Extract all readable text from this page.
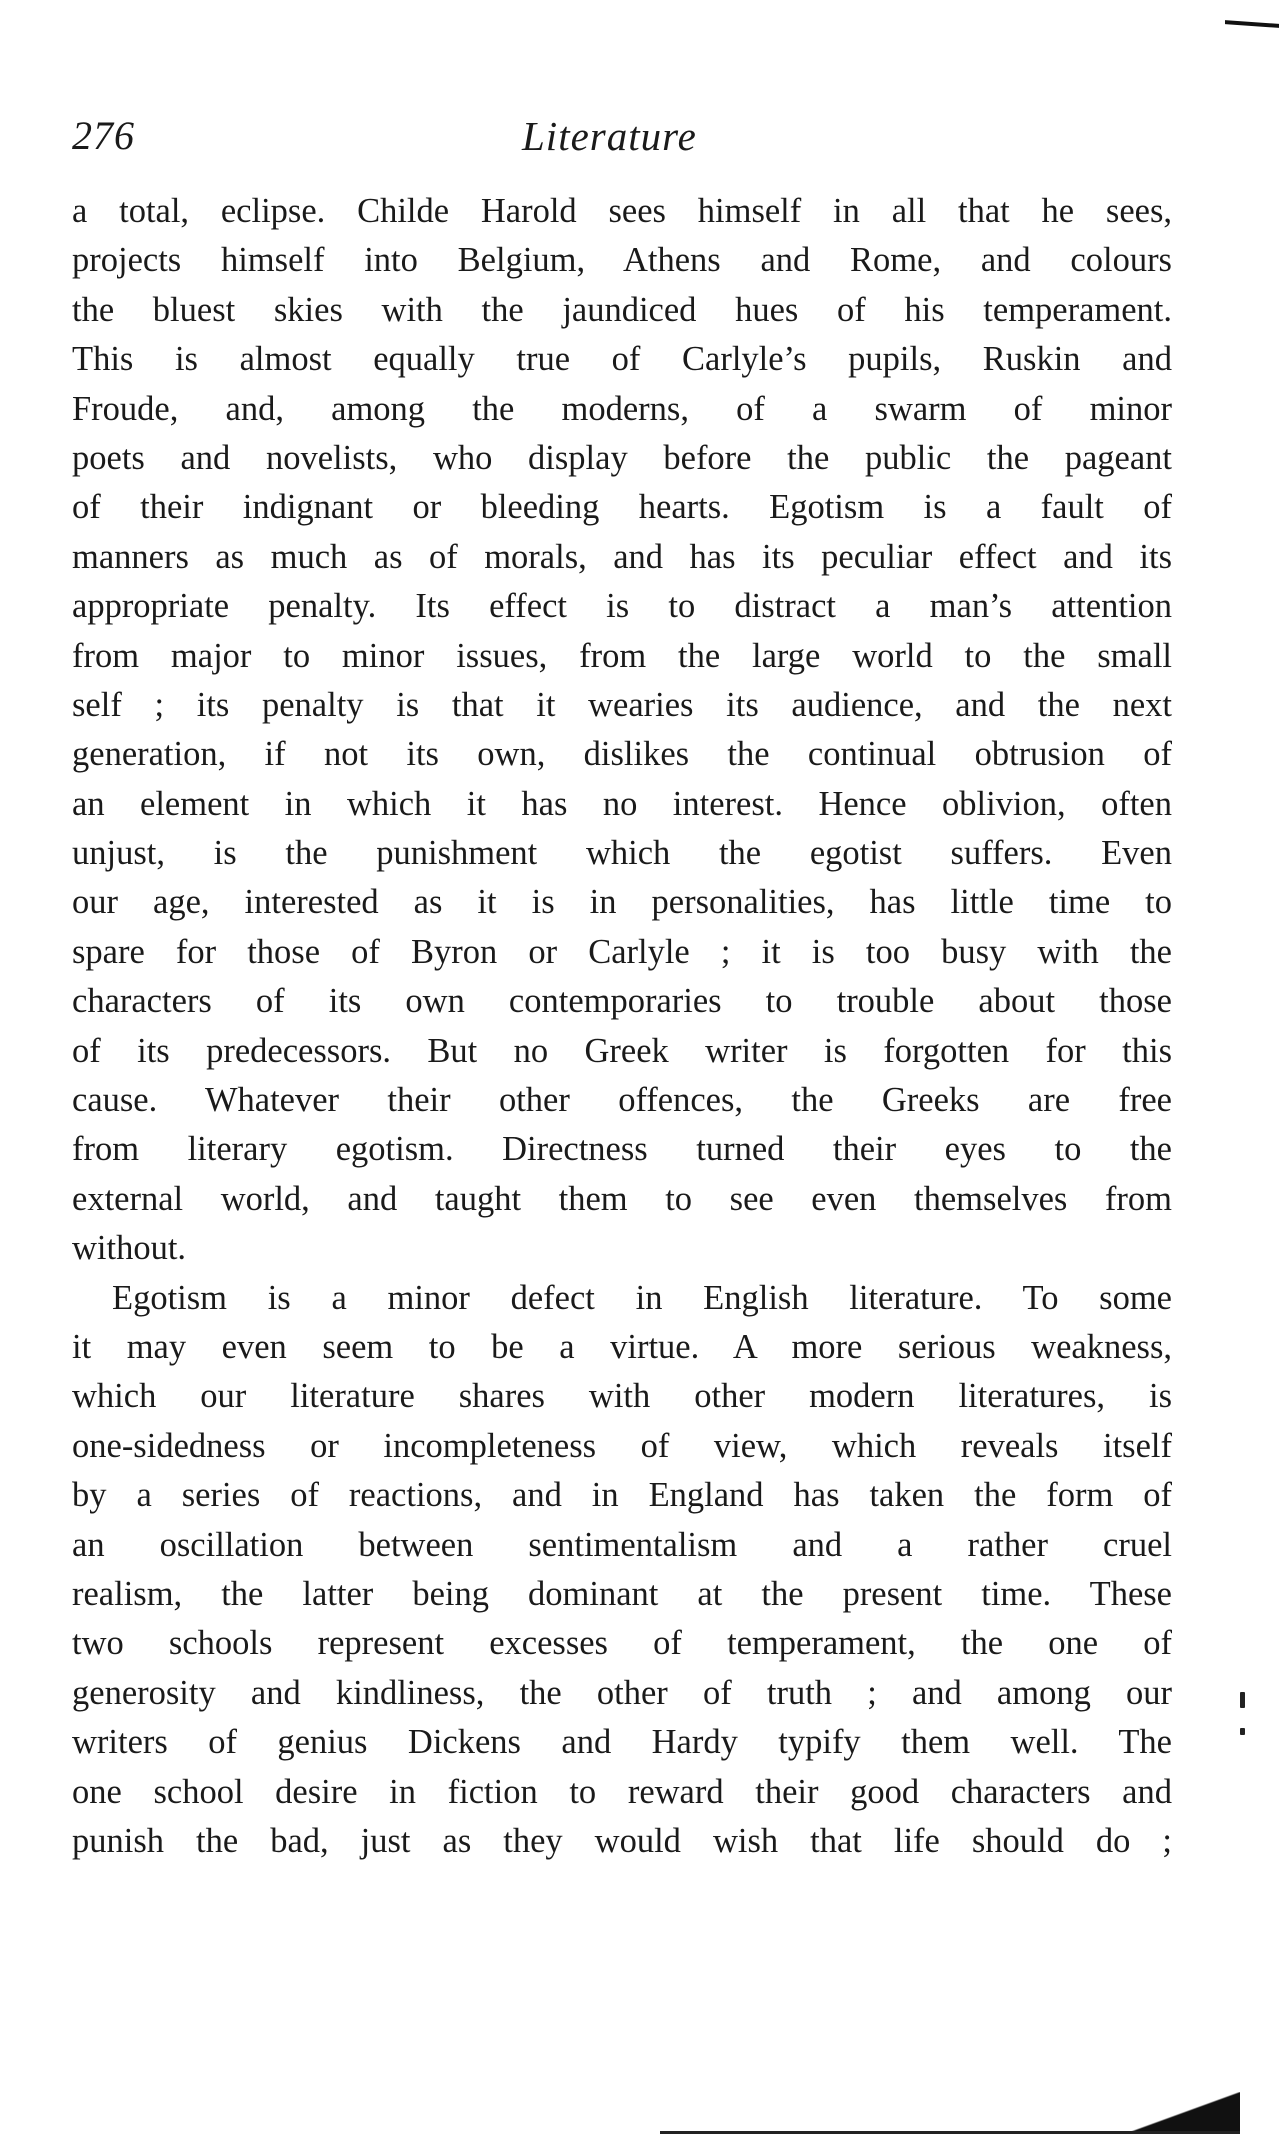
276	Literature
a total, eclipse. Childe Harold sees himself in all that he sees,
projects himself into Belgium, Athens and Rome, and colours
the bluest skies with the jaundiced hues of his temperament.
This is almost equally true of Carlyle’s pupils, Ruskin and
Froude, and, among the moderns, of a swarm of minor
poets and novelists, who display before the public the pageant
of their indignant or bleeding hearts. Egotism is a fault of
manners as much as of morals, and has its peculiar effect and its
appropriate penalty. Its effect is to distract a man’s attention
from major to minor issues, from the large world to the small
self ; its penalty is that it wearies its audience, and the next
generation, if not its own, dislikes the continual obtrusion of
an element in which it has no interest. Hence oblivion, often
unjust, is the punishment which the egotist suffers. Even
our age, interested as it is in personalities, has little time to
spare for those of Byron or Carlyle ; it is too busy with the
characters of its own contemporaries to trouble about those
of its predecessors. But no Greek writer is forgotten for this
cause. Whatever their other offences, the Greeks are free
from literary egotism. Directness turned their eyes to the
external world, and taught them to see even themselves from
without.
Egotism is a minor defect in English literature. To some
it may even seem to be a virtue. A more serious weakness,
which our literature shares with other modern literatures, is
one-sidedness or incompleteness of view, which reveals itself
by a series of reactions, and in England has taken the form of
an oscillation between sentimentalism and a rather cruel
realism, the latter being dominant at the present time. These
two schools represent excesses of temperament, the one of
generosity and kindliness, the other of truth ; and among our
writers of genius Dickens and Hardy typify them well. The
one school desire in fiction to reward their good characters and
punish the bad, just as they would wish that life should do ;
